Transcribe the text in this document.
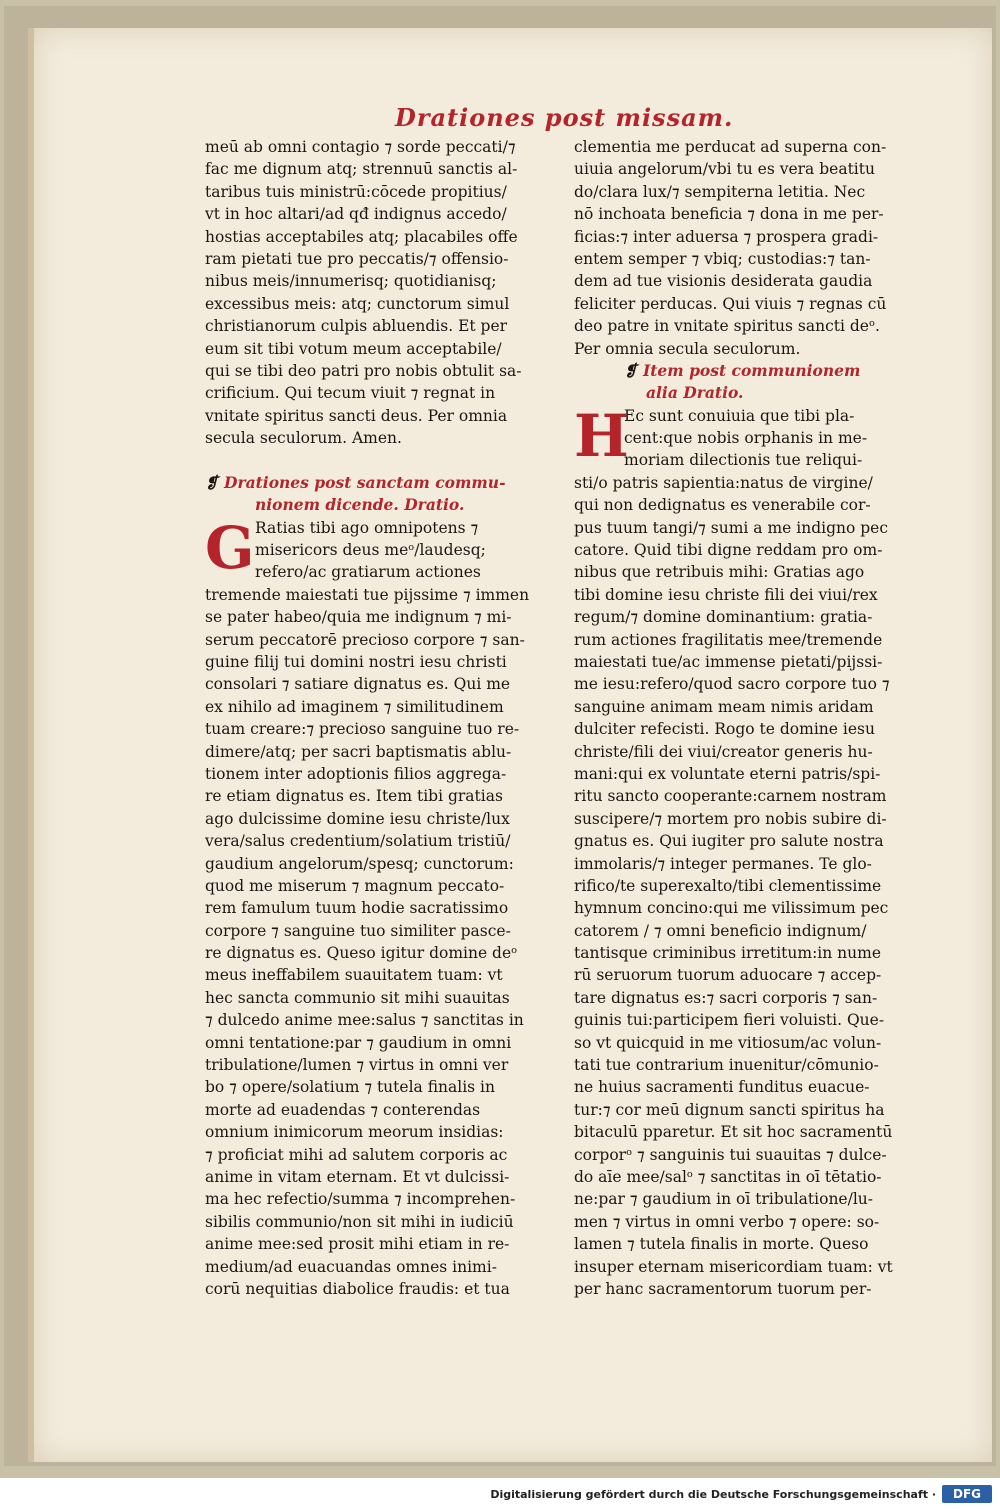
Drationes post missam.
meū ab omni contagio ⁊ sorde peccati/⁊
fac me dignum atq; strennuū sanctis al-
taribus tuis ministrū:cōcede propitius/
vt in hoc altari/ad qđ indignus accedo/
hostias acceptabiles atq; placabiles offe
ram pietati tue pro peccatis/⁊ offensio-
nibus meis/innumerisq; quotidianisq;
excessibus meis: atq; cunctorum simul
christianorum culpis abluendis. Et per
eum sit tibi votum meum acceptabile/
qui se tibi deo patri pro nobis obtulit sa-
crificium. Qui tecum viuit ⁊ regnat in
vnitate spiritus sancti deus. Per omnia
secula seculorum. Amen.
❡ Drationes post sanctam commu-
nionem dicende. Dratio.
G Ratias tibi ago omnipotens ⁊
misericors deus meᵒ/laudesq;
refero/ac gratiarum actiones
tremende maiestati tue pijssime ⁊ immen
se pater habeo/quia me indignum ⁊ mi-
serum peccatorē precioso corpore ⁊ san-
guine filij tui domini nostri iesu christi
consolari ⁊ satiare dignatus es. Qui me
ex nihilo ad imaginem ⁊ similitudinem
tuam creare:⁊ precioso sanguine tuo re-
dimere/atq; per sacri baptismatis ablu-
tionem inter adoptionis filios aggrega-
re etiam dignatus es. Item tibi gratias
ago dulcissime domine iesu christe/lux
vera/salus credentium/solatium tristiū/
gaudium angelorum/spesq; cunctorum:
quod me miserum ⁊ magnum peccato-
rem famulum tuum hodie sacratissimo
corpore ⁊ sanguine tuo similiter pasce-
re dignatus es. Queso igitur domine deᵒ
meus ineffabilem suauitatem tuam: vt
hec sancta communio sit mihi suauitas
⁊ dulcedo anime mee:salus ⁊ sanctitas in
omni tentatione:par ⁊ gaudium in omni
tribulatione/lumen ⁊ virtus in omni ver
bo ⁊ opere/solatium ⁊ tutela finalis in
morte ad euadendas ⁊ conterendas
omnium inimicorum meorum insidias:
⁊ proficiat mihi ad salutem corporis ac
anime in vitam eternam. Et vt dulcissi-
ma hec refectio/summa ⁊ incomprehen-
sibilis communio/non sit mihi in iudiciū
anime mee:sed prosit mihi etiam in re-
medium/ad euacuandas omnes inimi-
corū nequitias diabolice fraudis: et tua
clementia me perducat ad superna con-
uiuia angelorum/vbi tu es vera beatitu
do/clara lux/⁊ sempiterna letitia. Nec
nō inchoata beneficia ⁊ dona in me per-
ficias:⁊ inter aduersa ⁊ prospera gradi-
entem semper ⁊ vbiq; custodias:⁊ tan-
dem ad tue visionis desiderata gaudia
feliciter perducas. Qui viuis ⁊ regnas cū
deo patre in vnitate spiritus sancti deᵒ.
Per omnia secula seculorum.
❡ Item post communionem
alia Dratio.
H
Ec sunt conuiuia que tibi pla-
cent:que nobis orphanis in me-
moriam dilectionis tue reliqui-
sti/o patris sapientia:natus de virgine/
qui non dedignatus es venerabile cor-
pus tuum tangi/⁊ sumi a me indigno pec
catore. Quid tibi digne reddam pro om-
nibus que retribuis mihi: Gratias ago
tibi domine iesu christe fili dei viui/rex
regum/⁊ domine dominantium: gratia-
rum actiones fragilitatis mee/tremende
maiestati tue/ac immense pietati/pijssi-
me iesu:refero/quod sacro corpore tuo ⁊
sanguine animam meam nimis aridam
dulciter refecisti. Rogo te domine iesu
christe/fili dei viui/creator generis hu-
mani:qui ex voluntate eterni patris/spi-
ritu sancto cooperante:carnem nostram
suscipere/⁊ mortem pro nobis subire di-
gnatus es. Qui iugiter pro salute nostra
immolaris/⁊ integer permanes. Te glo-
rifico/te superexalto/tibi clementissime
hymnum concino:qui me vilissimum pec
catorem / ⁊ omni beneficio indignum/
tantisque criminibus irretitum:in nume
rū seruorum tuorum aduocare ⁊ accep-
tare dignatus es:⁊ sacri corporis ⁊ san-
guinis tui:participem fieri voluisti. Que-
so vt quicquid in me vitiosum/ac volun-
tati tue contrarium inuenitur/cōmunio-
ne huius sacramenti funditus euacue-
tur:⁊ cor meū dignum sancti spiritus ha
bitaculū pparetur. Et sit hoc sacramentū
corporᵒ ⁊ sanguinis tui suauitas ⁊ dulce-
do aīe mee/salᵒ ⁊ sanctitas in oī tētatio-
ne:par ⁊ gaudium in oī tribulatione/lu-
men ⁊ virtus in omni verbo ⁊ opere: so-
lamen ⁊ tutela finalis in morte. Queso
insuper eternam misericordiam tuam: vt
per hanc sacramentorum tuorum per-
Digitalisierung gefördert durch die Deutsche Forschungsgemeinschaft ·	DFG
